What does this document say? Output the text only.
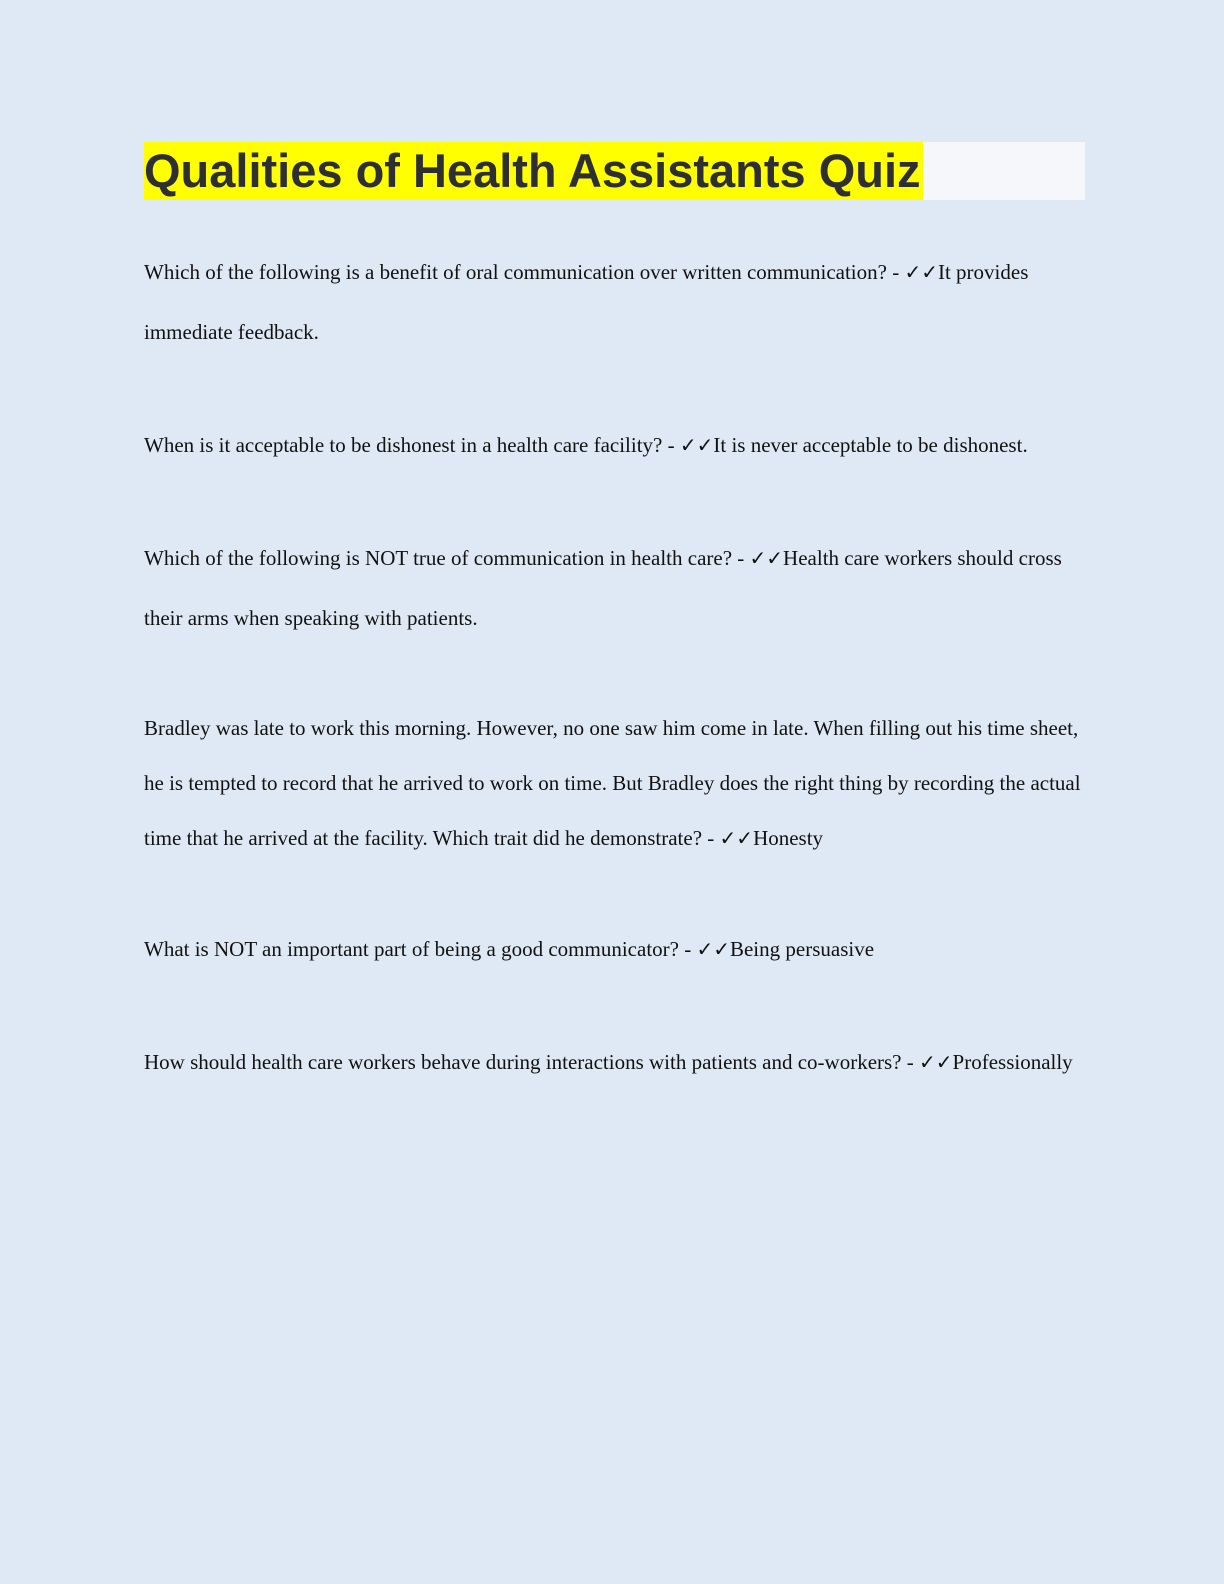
Qualities of Health Assistants Quiz

Which of the following is a benefit of oral communication over written communication? - ✓✓It provides immediate feedback.

When is it acceptable to be dishonest in a health care facility? - ✓✓It is never acceptable to be dishonest.

Which of the following is NOT true of communication in health care? - ✓✓Health care workers should cross their arms when speaking with patients.

Bradley was late to work this morning. However, no one saw him come in late. When filling out his time sheet, he is tempted to record that he arrived to work on time. But Bradley does the right thing by recording the actual time that he arrived at the facility. Which trait did he demonstrate? - ✓✓Honesty

What is NOT an important part of being a good communicator? - ✓✓Being persuasive

How should health care workers behave during interactions with patients and co-workers? - ✓✓Professionally
